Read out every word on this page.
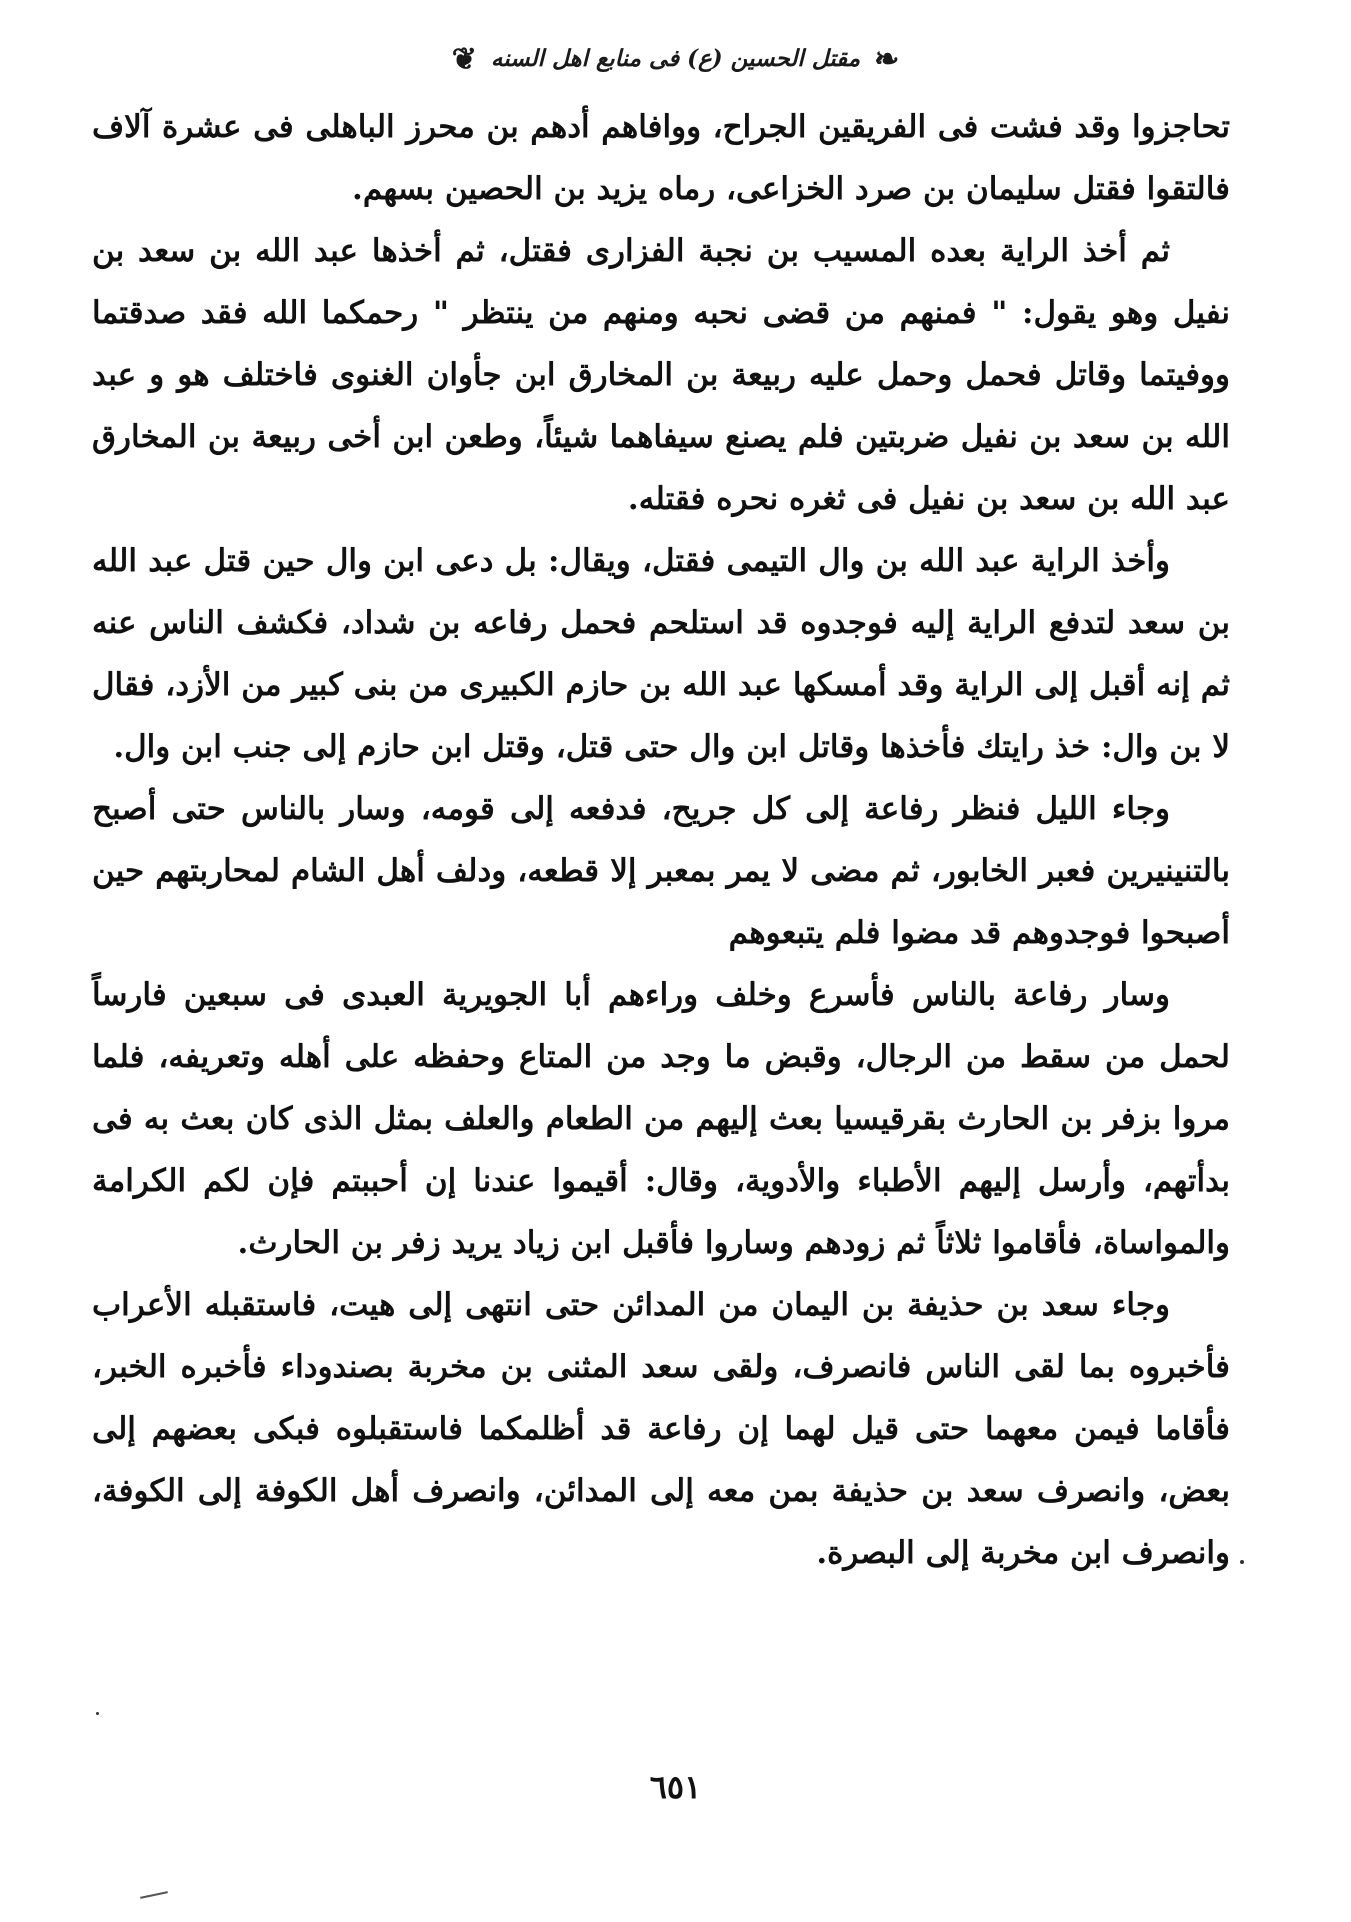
❧ مقتل الحسين (ع) فى منابع اهل السنه ❦

تحاجزوا وقد فشت فى الفريقين الجراح، ووافاهم أدهم بن محرز الباهلى فى عشرة آلاف فالتقوا فقتل سليمان بن صرد الخزاعى، رماه يزيد بن الحصين بسهم.

ثم أخذ الراية بعده المسيب بن نجبة الفزارى فقتل، ثم أخذها عبد الله بن سعد بن نفيل وهو يقول: " فمنهم من قضى نحبه ومنهم من ينتظر " رحمكما الله فقد صدقتما ووفيتما وقاتل فحمل وحمل عليه ربيعة بن المخارق ابن جأوان الغنوى فاختلف هو و عبد الله بن سعد بن نفيل ضربتين فلم يصنع سيفاهما شيئاً، وطعن ابن أخى ربيعة بن المخارق عبد الله بن سعد بن نفيل فى ثغره نحره فقتله.

وأخذ الراية عبد الله بن وال التيمى فقتل، ويقال: بل دعى ابن وال حين قتل عبد الله بن سعد لتدفع الراية إليه فوجدوه قد استلحم فحمل رفاعه بن شداد، فكشف الناس عنه ثم إنه أقبل إلى الراية وقد أمسكها عبد الله بن حازم الكبيرى من بنى كبير من الأزد، فقال لا بن وال: خذ رايتك فأخذها وقاتل ابن وال حتى قتل، وقتل ابن حازم إلى جنب ابن وال.

وجاء الليل فنظر رفاعة إلى كل جريح، فدفعه إلى قومه، وسار بالناس حتى أصبح بالتنينيرين فعبر الخابور، ثم مضى لا يمر بمعبر إلا قطعه، ودلف أهل الشام لمحاربتهم حين أصبحوا فوجدوهم قد مضوا فلم يتبعوهم

وسار رفاعة بالناس فأسرع وخلف وراءهم أبا الجويرية العبدى فى سبعين فارساً لحمل من سقط من الرجال، وقبض ما وجد من المتاع وحفظه على أهله وتعريفه، فلما مروا بزفر بن الحارث بقرقيسيا بعث إليهم من الطعام والعلف بمثل الذى كان بعث به فى بدأتهم، وأرسل إليهم الأطباء والأدوية، وقال: أقيموا عندنا إن أحببتم فإن لكم الكرامة والمواساة، فأقاموا ثلاثاً ثم زودهم وساروا فأقبل ابن زياد يريد زفر بن الحارث.

وجاء سعد بن حذيفة بن اليمان من المدائن حتى انتهى إلى هيت، فاستقبله الأعراب فأخبروه بما لقى الناس فانصرف، ولقى سعد المثنى بن مخربة بصندوداء فأخبره الخبر، فأقاما فيمن معهما حتى قيل لهما إن رفاعة قد أظلمكما فاستقبلوه فبكى بعضهم إلى بعض، وانصرف سعد بن حذيفة بمن معه إلى المدائن، وانصرف أهل الكوفة إلى الكوفة، وانصرف ابن مخربة إلى البصرة.

٦٥١
